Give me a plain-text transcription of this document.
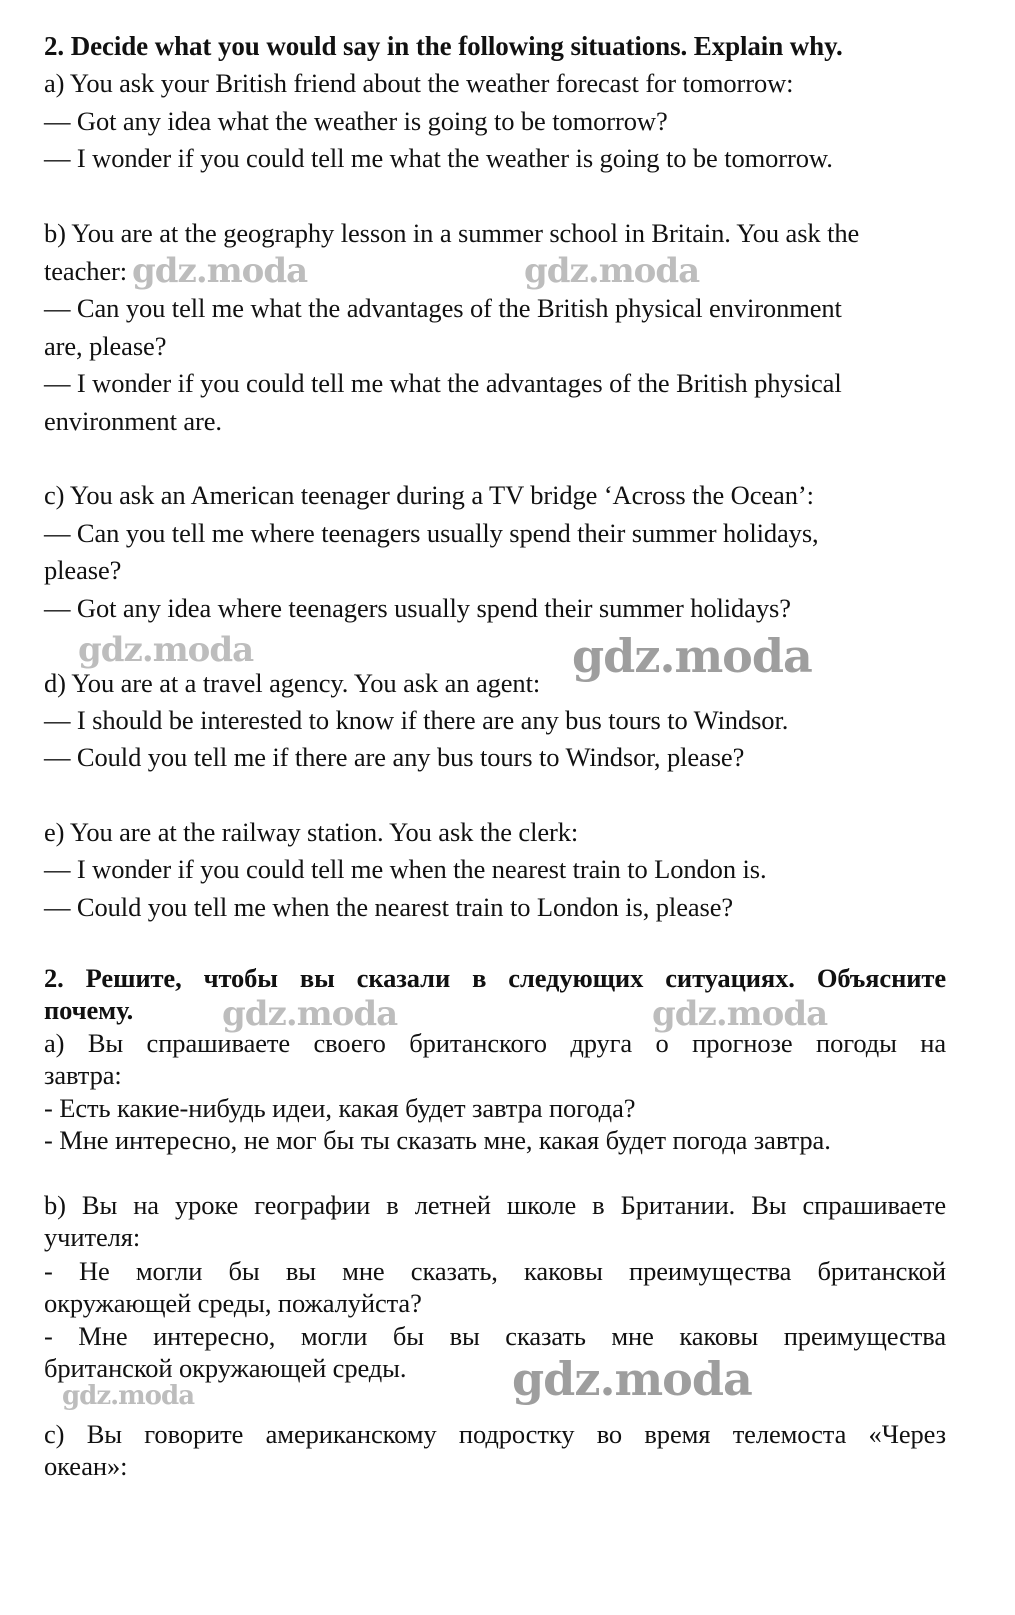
2. Decide what you would say in the following situations. Explain why.
a) You ask your British friend about the weather forecast for tomorrow:
— Got any idea what the weather is going to be tomorrow?
— I wonder if you could tell me what the weather is going to be tomorrow.
b) You are at the geography lesson in a summer school in Britain. You ask the
teacher:
— Can you tell me what the advantages of the British physical environment
are, please?
— I wonder if you could tell me what the advantages of the British physical
environment are.
c) You ask an American teenager during a TV bridge ‘Across the Ocean’:
— Can you tell me where teenagers usually spend their summer holidays,
please?
— Got any idea where teenagers usually spend their summer holidays?
d) You are at a travel agency. You ask an agent:
— I should be interested to know if there are any bus tours to Windsor.
— Could you tell me if there are any bus tours to Windsor, please?
e) You are at the railway station. You ask the clerk:
— I wonder if you could tell me when the nearest train to London is.
— Could you tell me when the nearest train to London is, please?
2. Решите, чтобы вы сказали в следующих ситуациях. Объясните
почему.
а) Вы спрашиваете своего британского друга о прогнозе погоды на
завтра:
- Есть какие-нибудь идеи, какая будет завтра погода?
- Мне интересно, не мог бы ты сказать мне, какая будет погода завтра.
b) Вы на уроке географии в летней школе в Британии. Вы спрашиваете
учителя:
- Не могли бы вы мне сказать, каковы преимущества британской
окружающей среды, пожалуйста?
- Мне интересно, могли бы вы сказать мне каковы преимущества
британской окружающей среды.
с) Вы говорите американскому подростку во время телемоста «Через
океан»:
gdz.moda	gdz.moda
gdz.moda	gdz.moda
gdz.moda	gdz.moda
gdz.moda
gdz.moda
